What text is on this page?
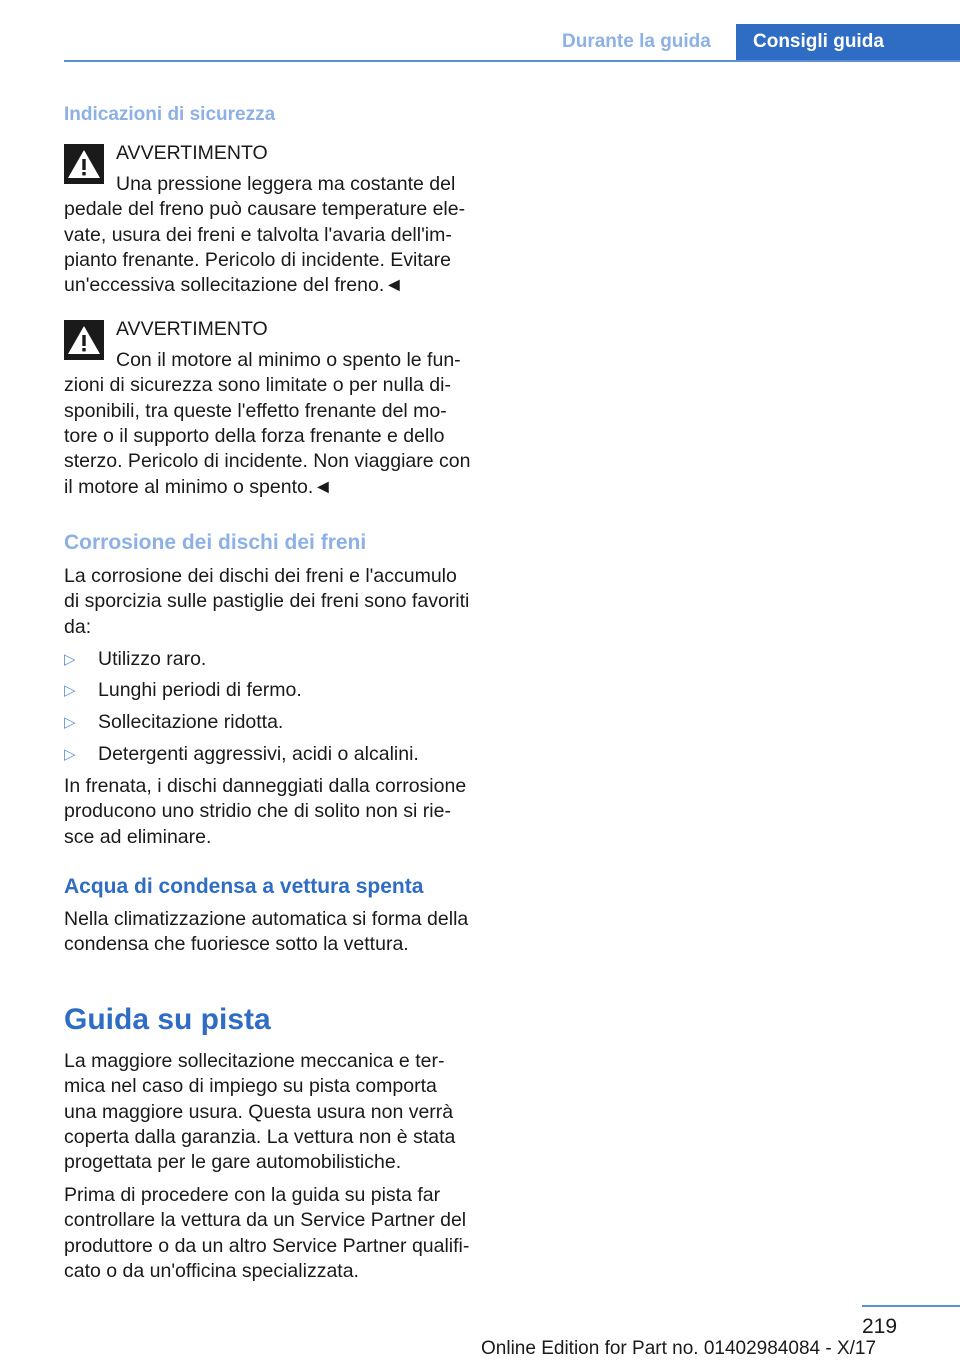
Durante la guida	Consigli guida
Indicazioni di sicurezza
AVVERTIMENTO
Una pressione leggera ma costante del
pedale del freno può causare temperature ele-
vate, usura dei freni e talvolta l'avaria dell'im-
pianto frenante. Pericolo di incidente. Evitare
un'eccessiva sollecitazione del freno.◄
AVVERTIMENTO
Con il motore al minimo o spento le fun-
zioni di sicurezza sono limitate o per nulla di-
sponibili, tra queste l'effetto frenante del mo-
tore o il supporto della forza frenante e dello
sterzo. Pericolo di incidente. Non viaggiare con
il motore al minimo o spento.◄
Corrosione dei dischi dei freni
La corrosione dei dischi dei freni e l'accumulo
di sporcizia sulle pastiglie dei freni sono favoriti
da:
▷ Utilizzo raro.
▷ Lunghi periodi di fermo.
▷ Sollecitazione ridotta.
▷ Detergenti aggressivi, acidi o alcalini.
In frenata, i dischi danneggiati dalla corrosione
producono uno stridio che di solito non si rie-
sce ad eliminare.
Acqua di condensa a vettura spenta
Nella climatizzazione automatica si forma della
condensa che fuoriesce sotto la vettura.
Guida su pista
La maggiore sollecitazione meccanica e ter-
mica nel caso di impiego su pista comporta
una maggiore usura. Questa usura non verrà
coperta dalla garanzia. La vettura non è stata
progettata per le gare automobilistiche.
Prima di procedere con la guida su pista far
controllare la vettura da un Service Partner del
produttore o da un altro Service Partner qualifi-
cato o da un'officina specializzata.
219
Online Edition for Part no. 01402984084 - X/17
